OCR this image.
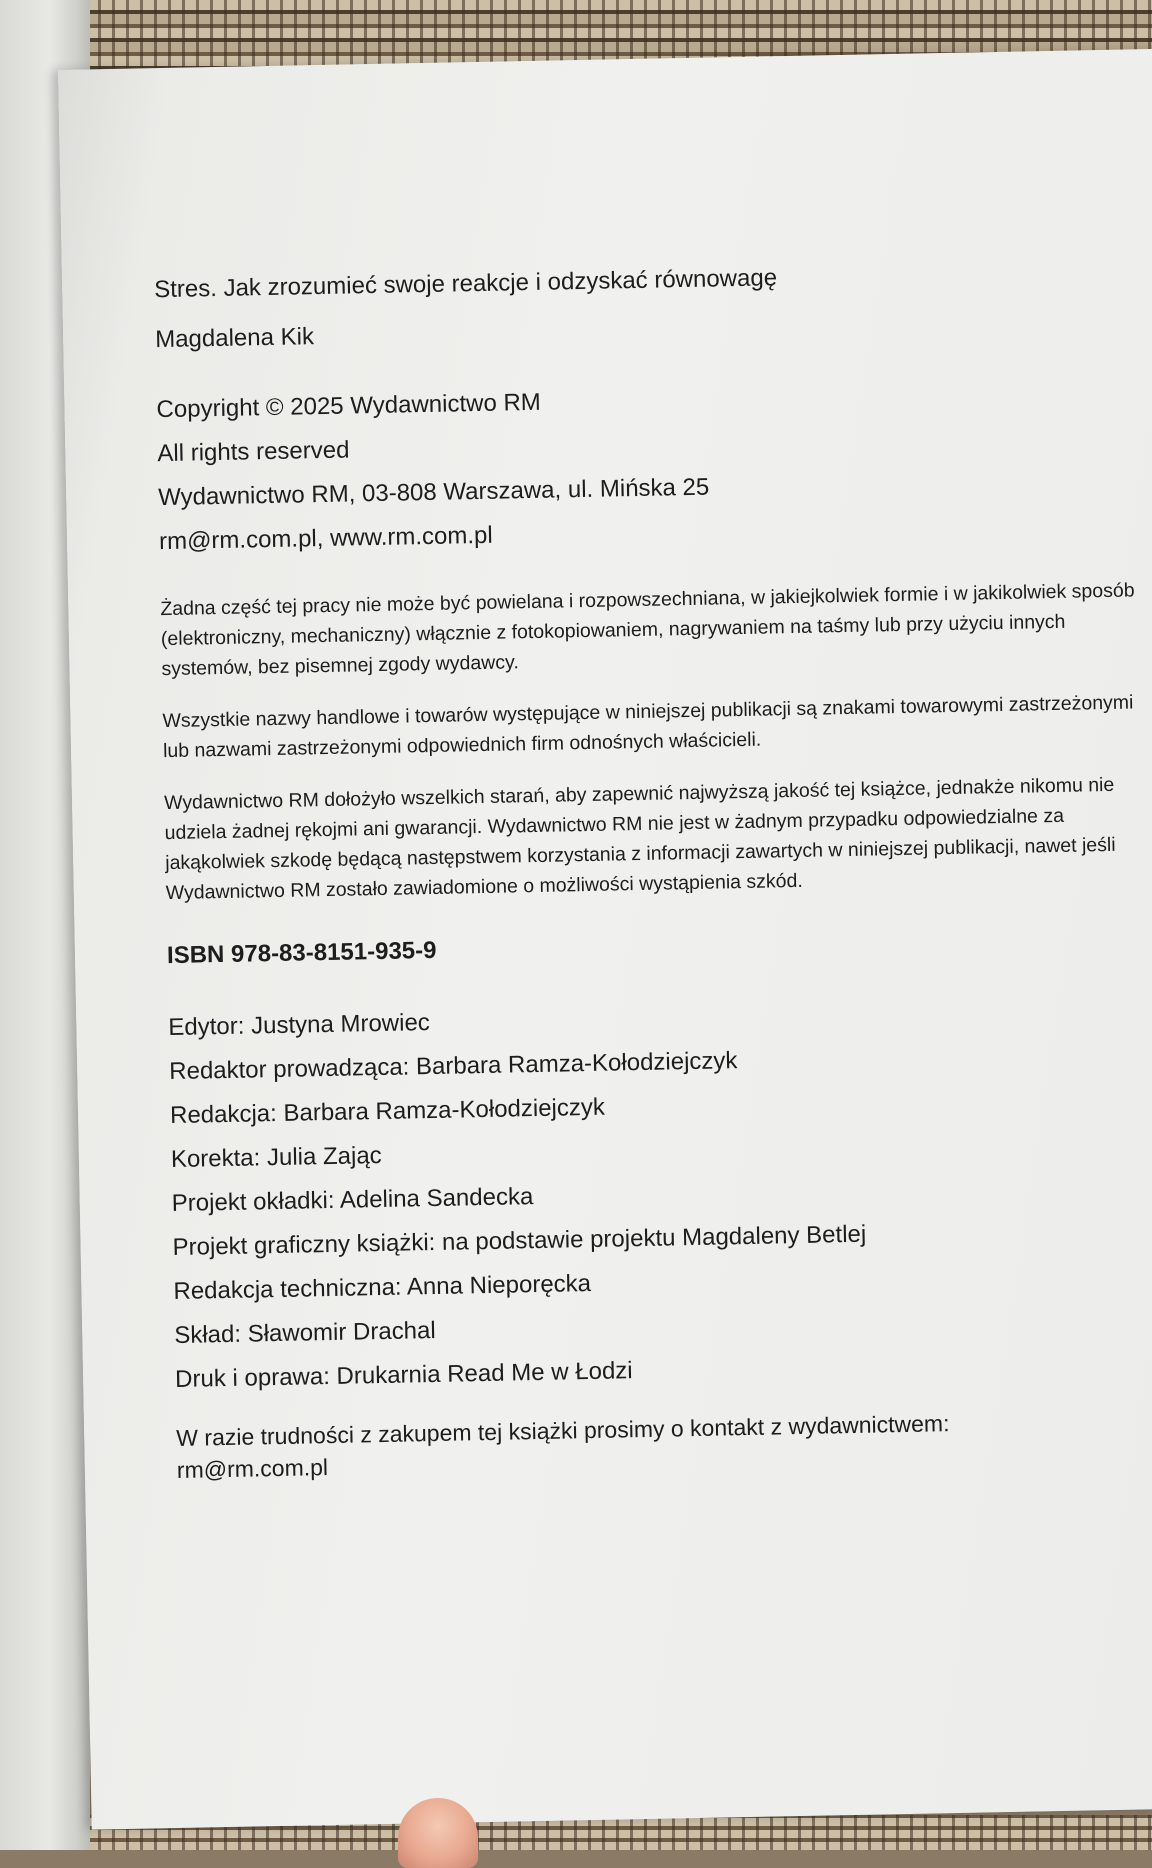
Stres. Jak zrozumieć swoje reakcje i odzyskać równowagę

Magdalena Kik

Copyright © 2025 Wydawnictwo RM

All rights reserved

Wydawnictwo RM, 03-808 Warszawa, ul. Mińska 25

rm@rm.com.pl, www.rm.com.pl

Żadna część tej pracy nie może być powielana i rozpowszechniana, w jakiejkolwiek formie i w jakikolwiek sposób (elektroniczny, mechaniczny) włącznie z fotokopiowaniem, nagrywaniem na taśmy lub przy użyciu innych systemów, bez pisemnej zgody wydawcy.

Wszystkie nazwy handlowe i towarów występujące w niniejszej publikacji są znakami towarowymi zastrzeżonymi lub nazwami zastrzeżonymi odpowiednich firm odnośnych właścicieli.

Wydawnictwo RM dołożyło wszelkich starań, aby zapewnić najwyższą jakość tej książce, jednakże nikomu nie udziela żadnej rękojmi ani gwarancji. Wydawnictwo RM nie jest w żadnym przypadku odpowiedzialne za jakąkolwiek szkodę będącą następstwem korzystania z informacji zawartych w niniejszej publikacji, nawet jeśli Wydawnictwo RM zostało zawiadomione o możliwości wystąpienia szkód.

ISBN 978-83-8151-935-9

Edytor: Justyna Mrowiec

Redaktor prowadząca: Barbara Ramza-Kołodziejczyk

Redakcja: Barbara Ramza-Kołodziejczyk

Korekta: Julia Zając

Projekt okładki: Adelina Sandecka

Projekt graficzny książki: na podstawie projektu Magdaleny Betlej

Redakcja techniczna: Anna Nieporęcka

Skład: Sławomir Drachal

Druk i oprawa: Drukarnia Read Me w Łodzi

W razie trudności z zakupem tej książki prosimy o kontakt z wydawnictwem:
rm@rm.com.pl
